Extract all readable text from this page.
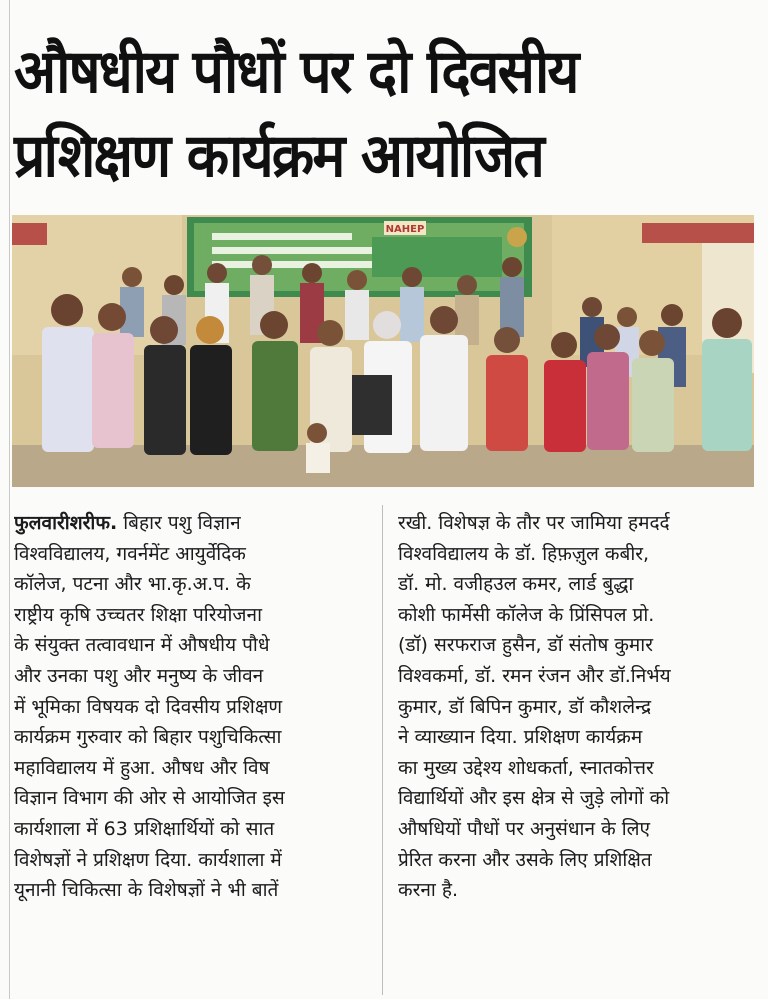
औषधीय पौधों पर दो दिवसीय प्रशिक्षण कार्यक्रम आयोजित
NAHEP
फुलवारीशरीफ. बिहार पशु विज्ञान
विश्वविद्यालय, गवर्नमेंट आयुर्वेदिक
कॉलेज, पटना और भा.कृ.अ.प. के
राष्ट्रीय कृषि उच्चतर शिक्षा परियोजना
के संयुक्त तत्वावधान में औषधीय पौधे
और उनका पशु और मनुष्य के जीवन
में भूमिका विषयक दो दिवसीय प्रशिक्षण
कार्यक्रम गुरुवार को बिहार पशुचिकित्सा
महाविद्यालय में हुआ. औषध और विष
विज्ञान विभाग की ओर से आयोजित इस
कार्यशाला में 63 प्रशिक्षार्थियों को सात
विशेषज्ञों ने प्रशिक्षण दिया. कार्यशाला में
यूनानी चिकित्सा के विशेषज्ञों ने भी बातें
रखी. विशेषज्ञ के तौर पर जामिया हमदर्द
विश्वविद्यालय के डॉ. हिफ़ज़ुल कबीर,
डॉ. मो. वजीहउल कमर, लार्ड बुद्धा
कोशी फार्मेसी कॉलेज के प्रिंसिपल प्रो.
(डॉ) सरफराज हुसैन, डॉ संतोष कुमार
विश्वकर्मा, डॉ. रमन रंजन और डॉ.निर्भय
कुमार, डॉ बिपिन कुमार, डॉ कौशलेन्द्र
ने व्याख्यान दिया. प्रशिक्षण कार्यक्रम
का मुख्य उद्देश्य शोधकर्ता, स्नातकोत्तर
विद्यार्थियों और इस क्षेत्र से जुड़े लोगों को
औषधियों पौधों पर अनुसंधान के लिए
प्रेरित करना और उसके लिए प्रशिक्षित
करना है.
